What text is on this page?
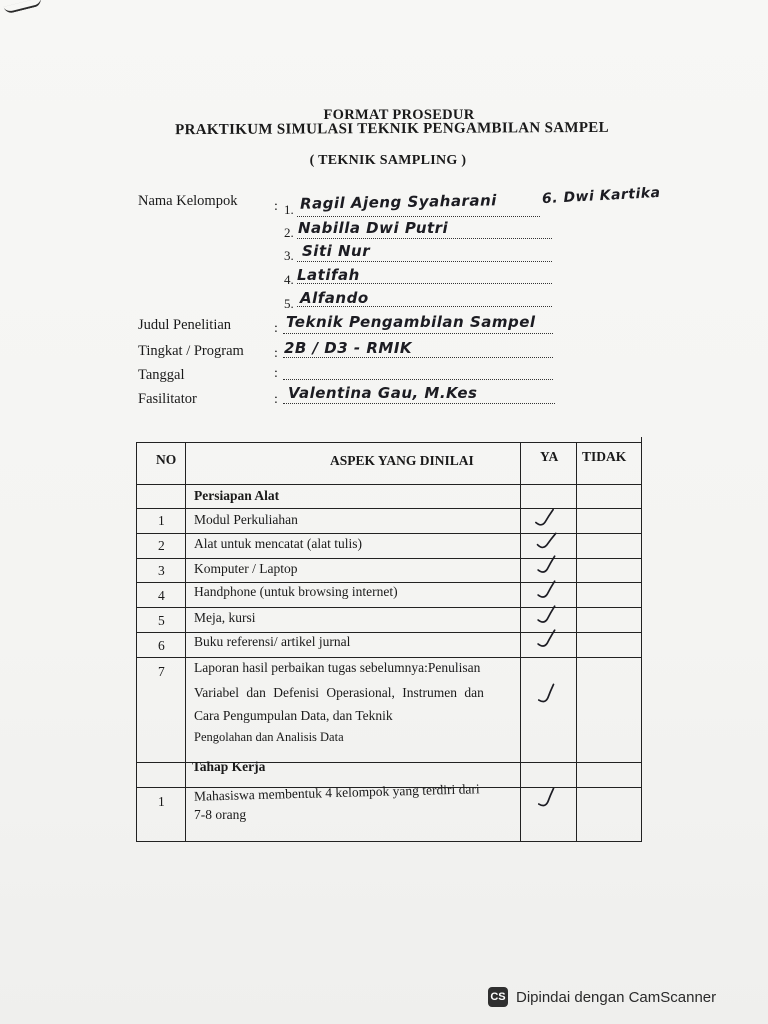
FORMAT PROSEDUR
PRAKTIKUM SIMULASI TEKNIK PENGAMBILAN SAMPEL
( TEKNIK SAMPLING )
Nama Kelompok	: 1. Ragil Ajeng Syaharani	6. Dwi Kartika
2. Nabilla Dwi Putri
3. Siti Nur
4. Latifah
5. Alfando
Judul Penelitian	: Teknik Pengambilan Sampel
Tingkat / Program : 2B / D3 - RMIK
Tanggal	:
Fasilitator	: Valentina Gau, M.Kes
NO	ASPEK YANG DINILAI	YA TIDAK
Persiapan Alat
1 Modul Perkuliahan
2 Alat untuk mencatat (alat tulis)
3 Komputer / Laptop
4 Handphone (untuk browsing internet)
5 Meja, kursi
6 Buku referensi/ artikel jurnal
7 Laporan hasil perbaikan tugas sebelumnya:Penulisan
Variabel dan Defenisi Operasional, Instrumen dan
Cara Pengumpulan Data, dan Teknik
Pengolahan dan Analisis Data
Tahap Kerja
1 Mahasiswa membentuk 4 kelompok yang terdiri dari
7-8 orang
CS Dipindai dengan CamScanner
